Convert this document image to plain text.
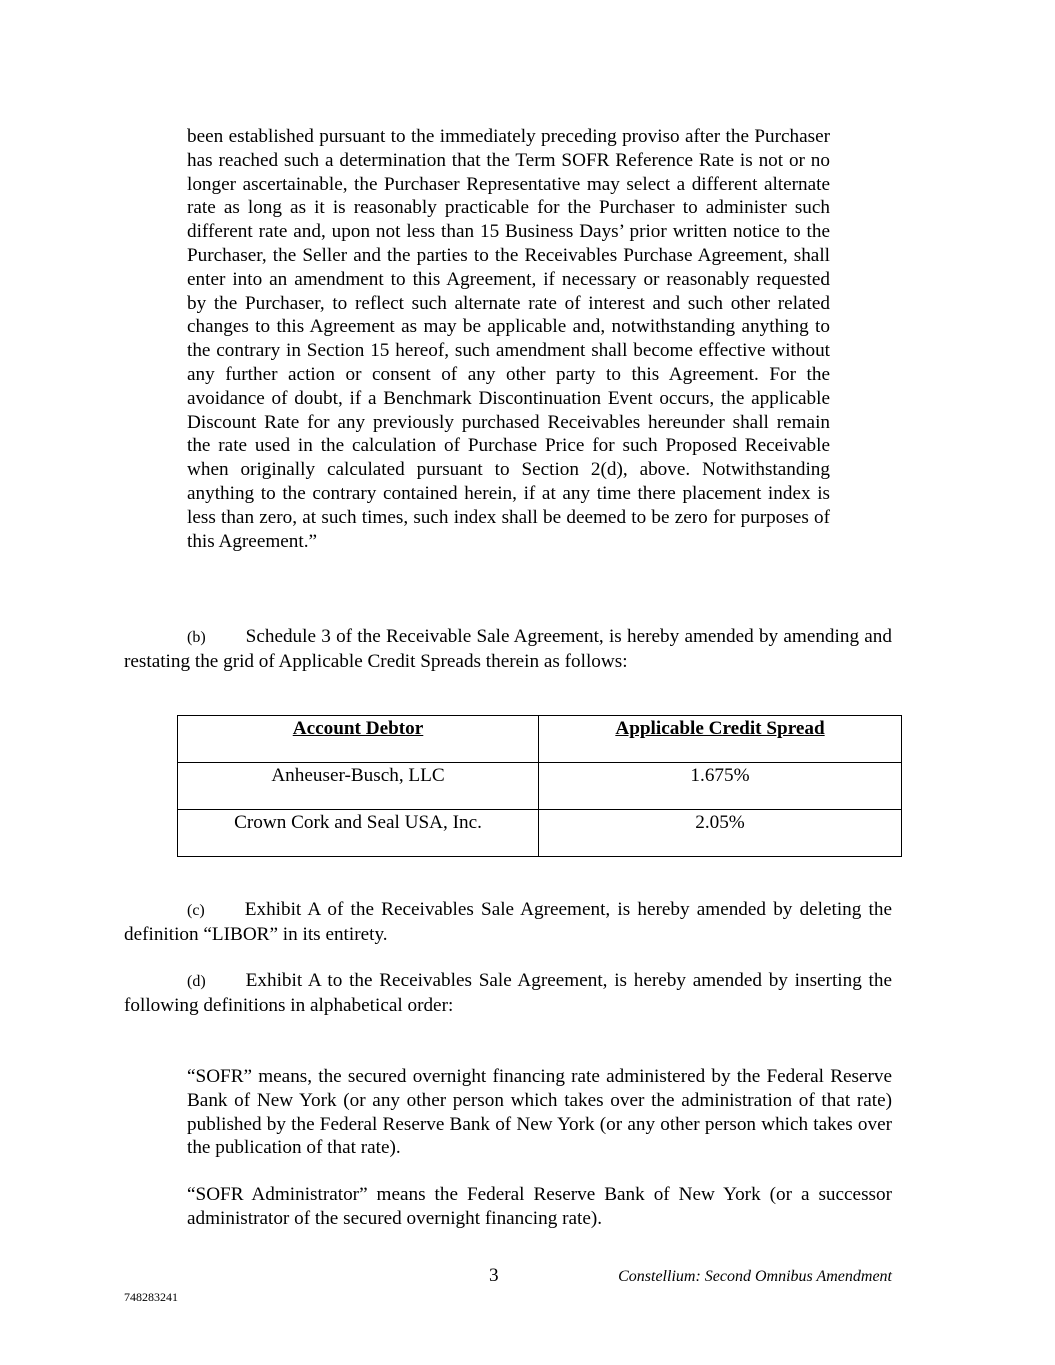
been established pursuant to the immediately preceding proviso after the Purchaser has reached such a determination that the Term SOFR Reference Rate is not or no longer ascertainable, the Purchaser Representative may select a different alternate rate as long as it is reasonably practicable for the Purchaser to administer such different rate and, upon not less than 15 Business Days’ prior written notice to the Purchaser, the Seller and the parties to the Receivables Purchase Agreement, shall enter into an amendment to this Agreement, if necessary or reasonably requested by the Purchaser, to reflect such alternate rate of interest and such other related changes to this Agreement as may be applicable and, notwithstanding anything to the contrary in Section 15 hereof, such amendment shall become effective without any further action or consent of any other party to this Agreement. For the avoidance of doubt, if a Benchmark Discontinuation Event occurs, the applicable Discount Rate for any previously purchased Receivables hereunder shall remain the rate used in the calculation of Purchase Price for such Proposed Receivable when originally calculated pursuant to Section 2(d), above. Notwithstanding anything to the contrary contained herein, if at any time there placement index is less than zero, at such times, such index shall be deemed to be zero for purposes of this Agreement.”

(b) Schedule 3 of the Receivable Sale Agreement, is hereby amended by amending and restating the grid of Applicable Credit Spreads therein as follows:

Account Debtor	Applicable Credit Spread
Anheuser-Busch, LLC	1.675%
Crown Cork and Seal USA, Inc.	2.05%

(c) Exhibit A of the Receivables Sale Agreement, is hereby amended by deleting the definition “LIBOR” in its entirety.

(d) Exhibit A to the Receivables Sale Agreement, is hereby amended by inserting the following definitions in alphabetical order:

“SOFR” means, the secured overnight financing rate administered by the Federal Reserve Bank of New York (or any other person which takes over the administration of that rate) published by the Federal Reserve Bank of New York (or any other person which takes over the publication of that rate).

“SOFR Administrator” means the Federal Reserve Bank of New York (or a successor administrator of the secured overnight financing rate).

3	Constellium: Second Omnibus Amendment
748283241
